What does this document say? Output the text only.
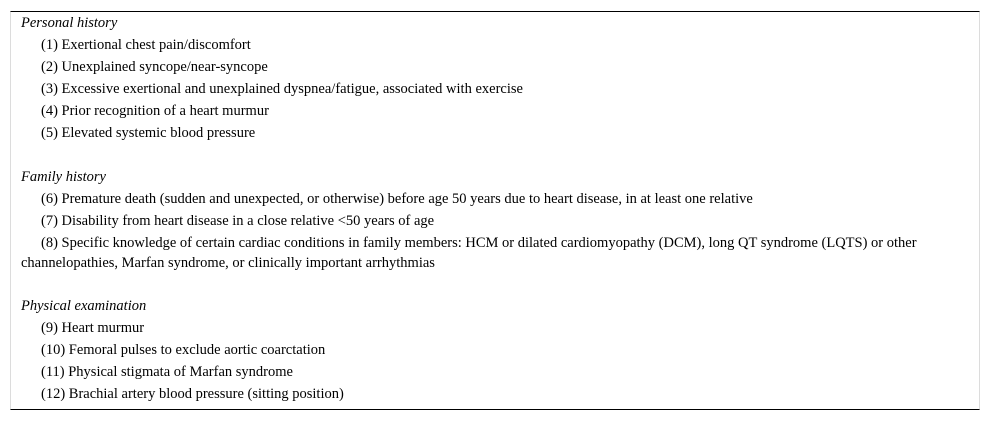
Personal history
(1) Exertional chest pain/discomfort
(2) Unexplained syncope/near-syncope
(3) Excessive exertional and unexplained dyspnea/fatigue, associated with exercise
(4) Prior recognition of a heart murmur
(5) Elevated systemic blood pressure
Family history
(6) Premature death (sudden and unexpected, or otherwise) before age 50 years due to heart disease, in at least one relative
(7) Disability from heart disease in a close relative <50 years of age
(8) Specific knowledge of certain cardiac conditions in family members: HCM or dilated cardiomyopathy (DCM), long QT syndrome (LQTS) or other channelopathies, Marfan syndrome, or clinically important arrhythmias
Physical examination
(9) Heart murmur
(10) Femoral pulses to exclude aortic coarctation
(11) Physical stigmata of Marfan syndrome
(12) Brachial artery blood pressure (sitting position)
